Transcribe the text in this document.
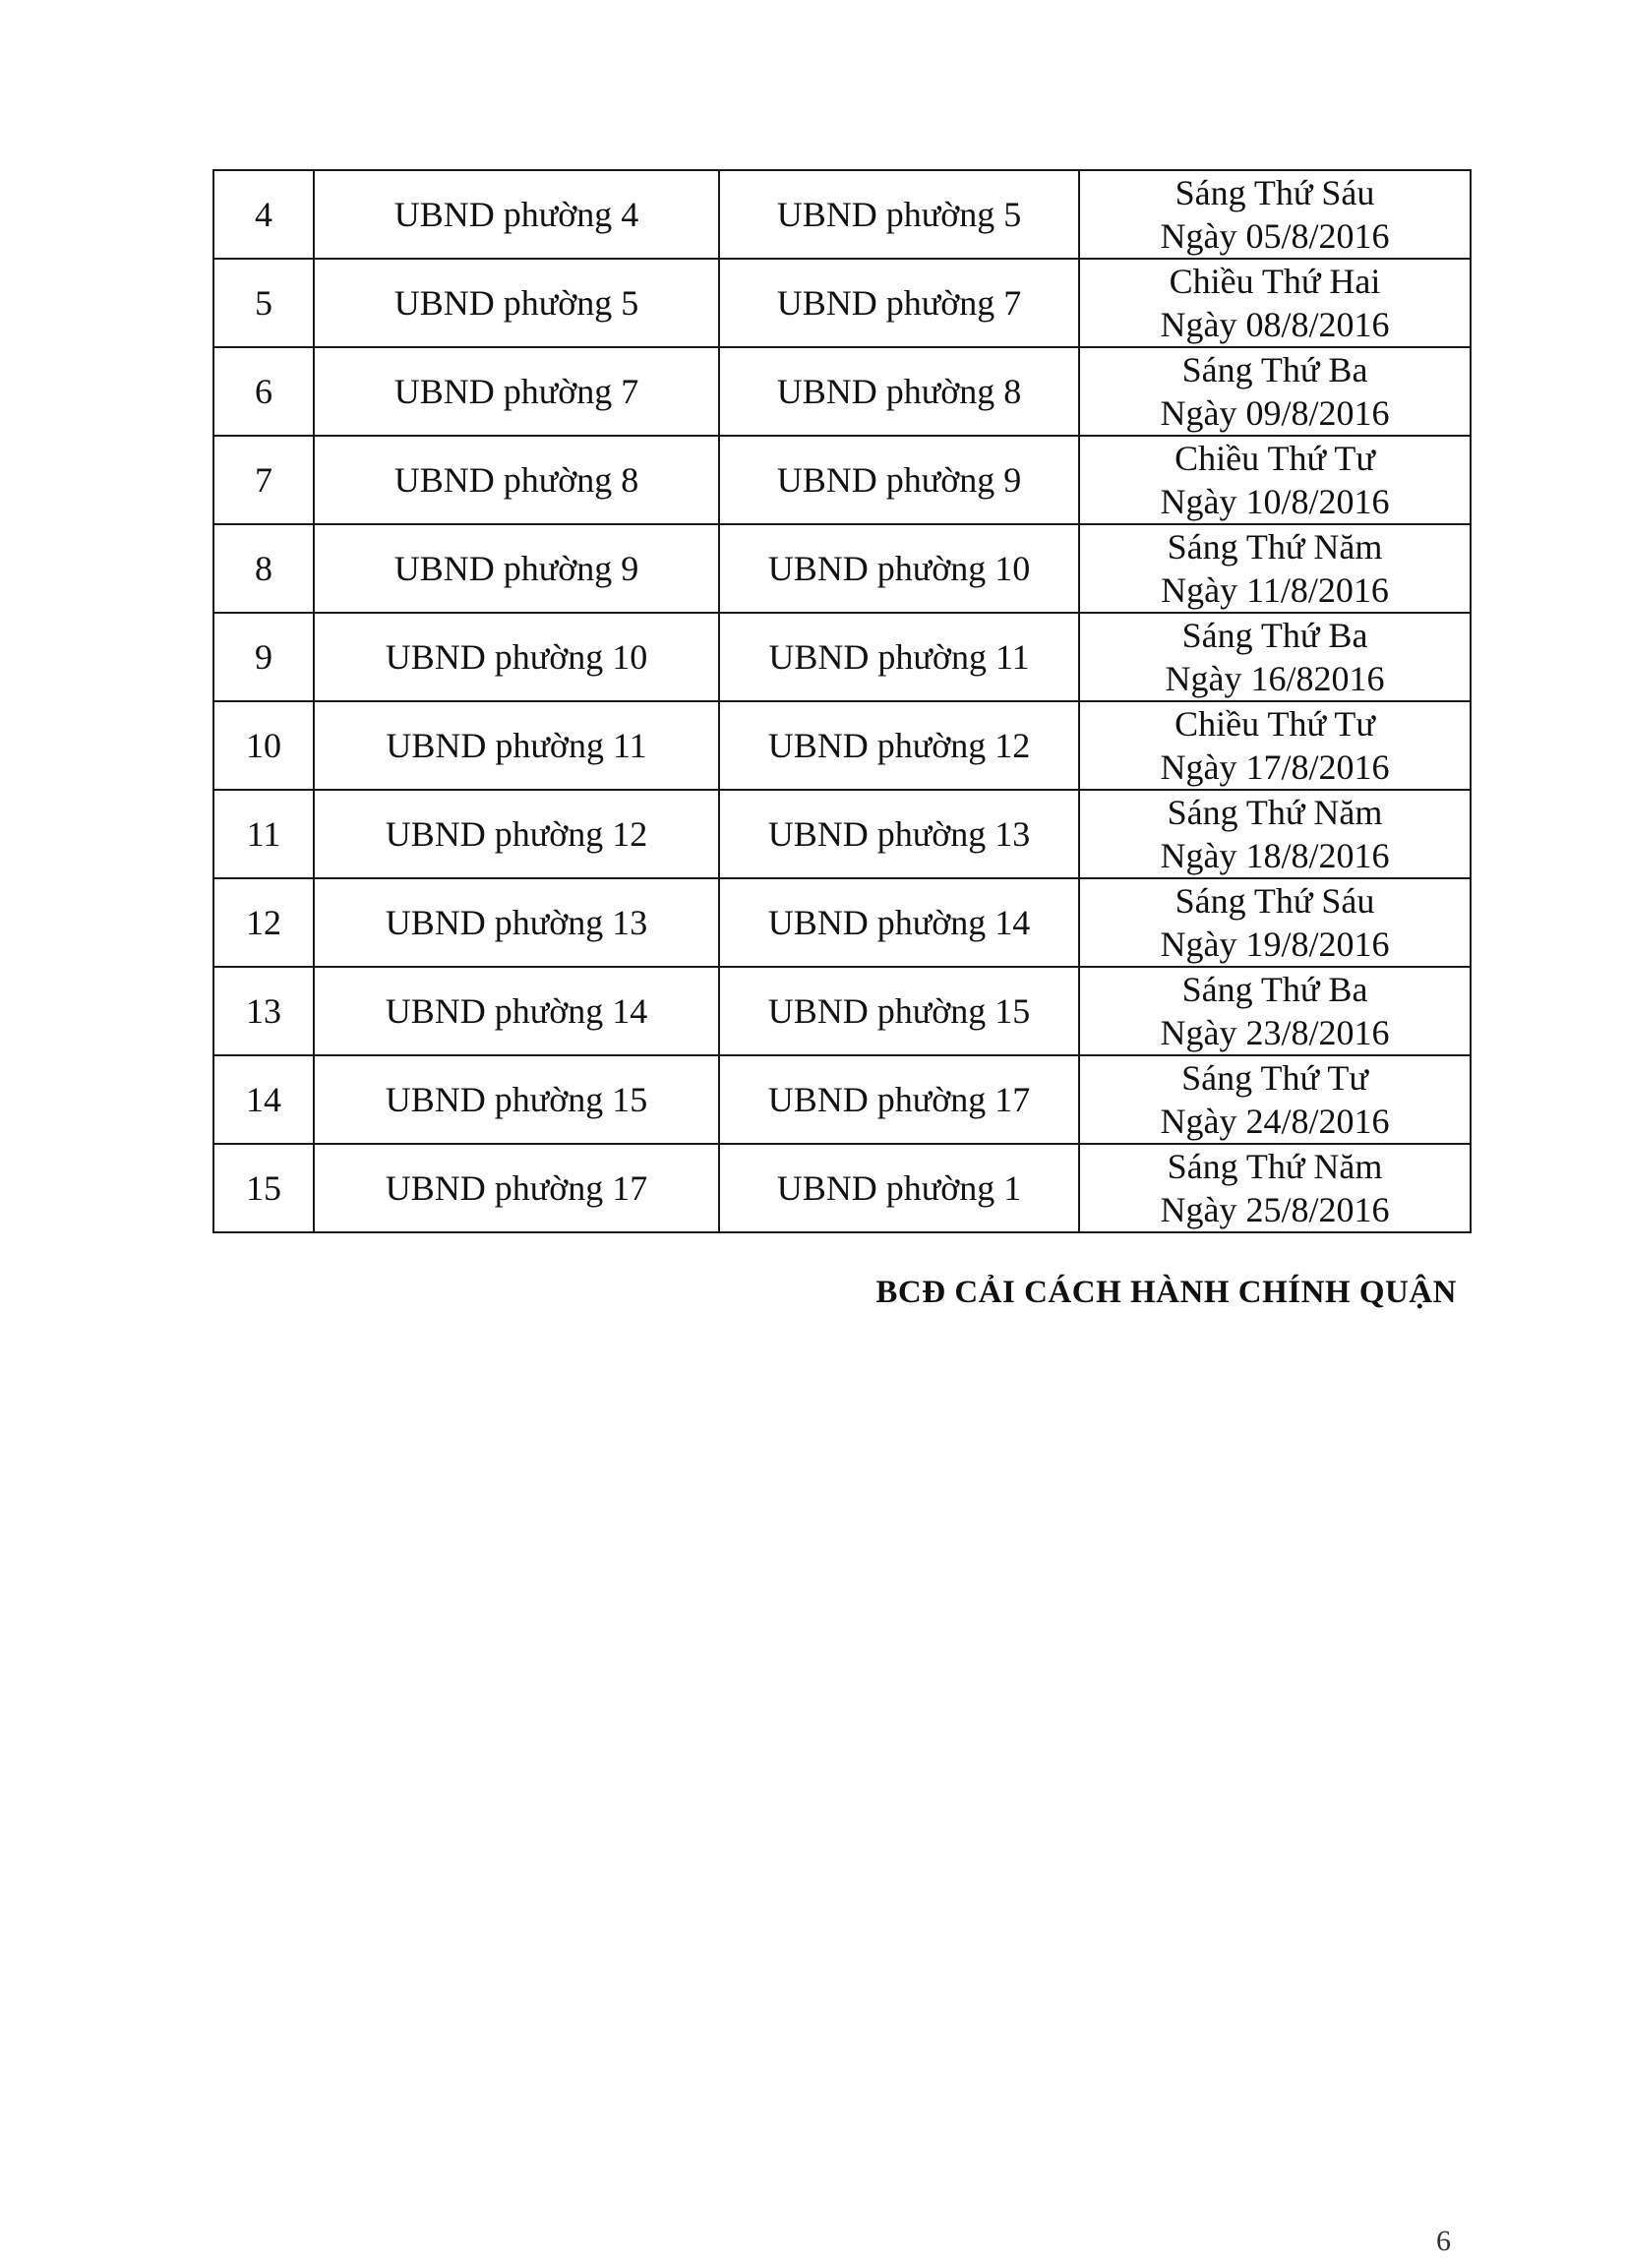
4	UBND phường 4	UBND phường 5	Sáng Thứ Sáu
Ngày 05/8/2016

5	UBND phường 5	UBND phường 7	Chiều Thứ Hai
Ngày 08/8/2016

6	UBND phường 7	UBND phường 8	Sáng Thứ Ba
Ngày 09/8/2016

7	UBND phường 8	UBND phường 9	Chiều Thứ Tư
Ngày 10/8/2016

8	UBND phường 9	UBND phường 10	Sáng Thứ Năm
Ngày 11/8/2016

9	UBND phường 10	UBND phường 11	Sáng Thứ Ba
Ngày 16/82016

10	UBND phường 11	UBND phường 12	Chiều Thứ Tư
Ngày 17/8/2016

11	UBND phường 12	UBND phường 13	Sáng Thứ Năm
Ngày 18/8/2016

12	UBND phường 13	UBND phường 14	Sáng Thứ Sáu
Ngày 19/8/2016

13	UBND phường 14	UBND phường 15	Sáng Thứ Ba
Ngày 23/8/2016

14	UBND phường 15	UBND phường 17	Sáng Thứ Tư
Ngày 24/8/2016

15	UBND phường 17	UBND phường 1	Sáng Thứ Năm
Ngày 25/8/2016
BCĐ CẢI CÁCH HÀNH CHÍNH QUẬN
6
